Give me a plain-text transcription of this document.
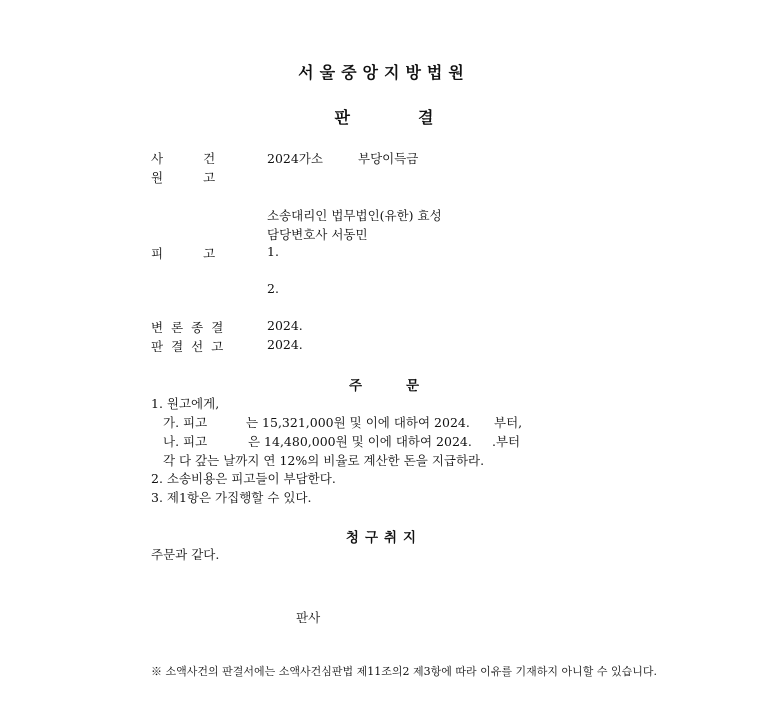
서울중앙지방법원
판	결
사건 2024가소	부당이득금
원고
소송대리인 법무법인(유한) 효성
담당변호사 서동민
피고 1.
2.
변론종결	2024.
판결선고	2024.
주	문
1. 원고에게,
가. 피고	는 15,321,000원 및 이에 대하여 2024. 부터,
나. 피고	은 14,480,000원 및 이에 대하여 2024. .부터
각 다 갚는 날까지 연 12%의 비율로 계산한 돈을 지급하라.
2. 소송비용은 피고들이 부담한다.
3. 제1항은 가집행할 수 있다.
청구취지
주문과 같다.
판사
※ 소액사건의 판결서에는 소액사건심판법 제11조의2 제3항에 따라 이유를 기재하지 아니할 수 있습니다.
